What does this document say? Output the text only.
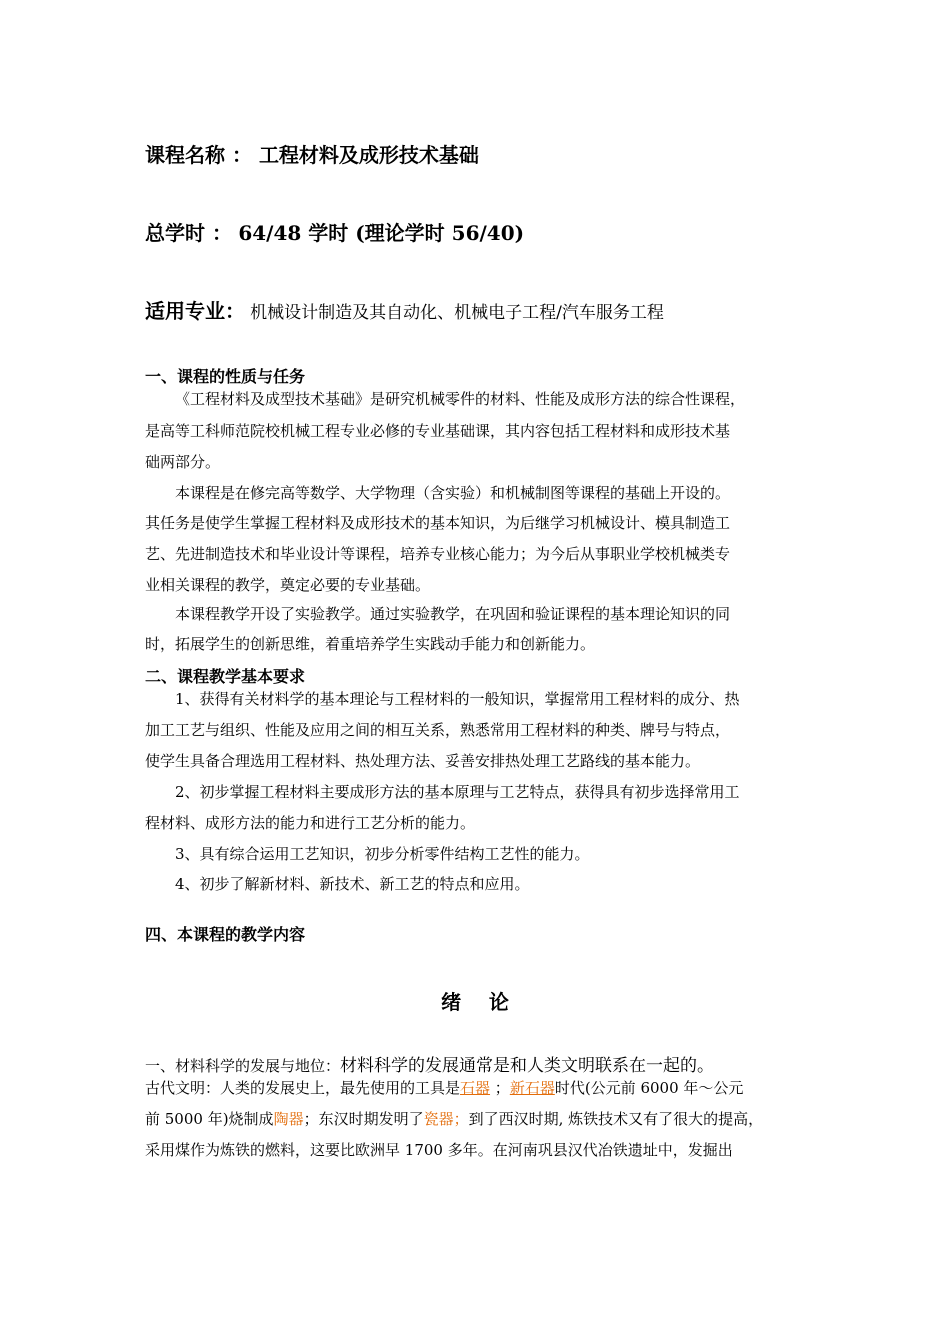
课程名称 ： 工程材料及成形技术基础
总学时 ： 64/48 学时 (理论学时 56/40)
适用专业： 机械设计制造及其自动化、机械电子工程/汽车服务工程
一、课程的性质与任务
《工程材料及成型技术基础》是研究机械零件的材料、性能及成形方法的综合性课程，
是高等工科师范院校机械工程专业必修的专业基础课，其内容包括工程材料和成形技术基
础两部分。
本课程是在修完高等数学、大学物理（含实验）和机械制图等课程的基础上开设的。
其任务是使学生掌握工程材料及成形技术的基本知识，为后继学习机械设计、模具制造工
艺、先进制造技术和毕业设计等课程，培养专业核心能力；为今后从事职业学校机械类专
业相关课程的教学，奠定必要的专业基础。
本课程教学开设了实验教学。通过实验教学，在巩固和验证课程的基本理论知识的同
时，拓展学生的创新思维，着重培养学生实践动手能力和创新能力。
二、课程教学基本要求
1、获得有关材料学的基本理论与工程材料的一般知识，掌握常用工程材料的成分、热
加工工艺与组织、性能及应用之间的相互关系，熟悉常用工程材料的种类、牌号与特点，
使学生具备合理选用工程材料、热处理方法、妥善安排热处理工艺路线的基本能力。
2、初步掌握工程材料主要成形方法的基本原理与工艺特点，获得具有初步选择常用工
程材料、成形方法的能力和进行工艺分析的能力。
3、具有综合运用工艺知识，初步分析零件结构工艺性的能力。
4、初步了解新材料、新技术、新工艺的特点和应用。
四、本课程的教学内容
绪    论
一、材料科学的发展与地位：材料科学的发展通常是和人类文明联系在一起的。
古代文明：人类的发展史上，最先使用的工具是石器 ；新石器时代(公元前 6000 年～公元
前 5000 年)烧制成陶器；东汉时期发明了瓷器；到了西汉时期, 炼铁技术又有了很大的提高，
采用煤作为炼铁的燃料，这要比欧洲早 1700 多年。在河南巩县汉代冶铁遗址中，发掘出
